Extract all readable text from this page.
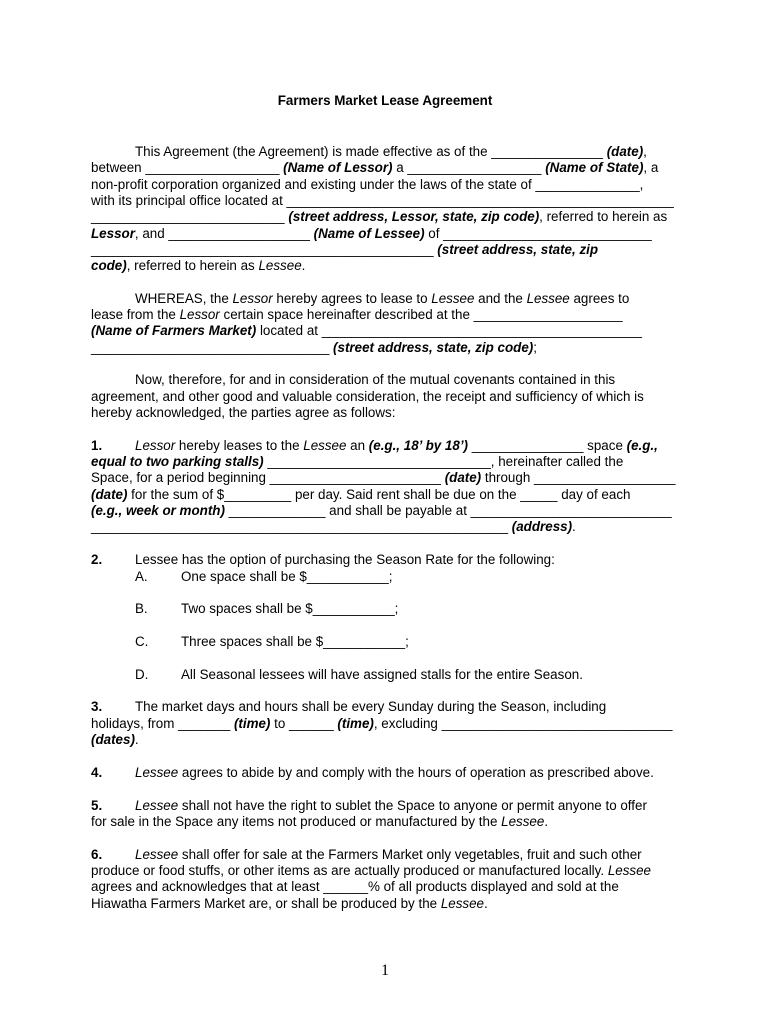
Farmers Market Lease Agreement
This Agreement (the Agreement) is made effective as of the _______________ (date),
between __________________ (Name of Lessor) a __________________ (Name of State), a
non-profit corporation organized and existing under the laws of the state of ______________,
with its principal office located at ____________________________________________________
__________________________ (street address, Lessor, state, zip code), referred to herein as
Lessor, and ___________________ (Name of Lessee) of ____________________________
______________________________________________ (street address, state, zip
code), referred to herein as Lessee.
WHEREAS, the Lessor hereby agrees to lease to Lessee and the Lessee agrees to
lease from the Lessor certain space hereinafter described at the ____________________
(Name of Farmers Market) located at ___________________________________________
________________________________ (street address, state, zip code);
Now, therefore, for and in consideration of the mutual covenants contained in this
agreement, and other good and valuable consideration, the receipt and sufficiency of which is
hereby acknowledged, the parties agree as follows:
1. Lessor hereby leases to the Lessee an (e.g., 18’ by 18’) _______________ space (e.g.,
equal to two parking stalls) ______________________________, hereinafter called the
Space, for a period beginning _______________________ (date) through ___________________
(date) for the sum of $_________ per day. Said rent shall be due on the _____ day of each
(e.g., week or month) _____________ and shall be payable at ___________________________
________________________________________________________ (address).
2. Lessee has the option of purchasing the Season Rate for the following:
A. One space shall be $___________;
B. Two spaces shall be $___________;
C. Three spaces shall be $___________;
D. All Seasonal lessees will have assigned stalls for the entire Season.
3. The market days and hours shall be every Sunday during the Season, including
holidays, from _______ (time) to ______ (time), excluding _______________________________
(dates).
4. Lessee agrees to abide by and comply with the hours of operation as prescribed above.
5. Lessee shall not have the right to sublet the Space to anyone or permit anyone to offer
for sale in the Space any items not produced or manufactured by the Lessee.
6. Lessee shall offer for sale at the Farmers Market only vegetables, fruit and such other
produce or food stuffs, or other items as are actually produced or manufactured locally. Lessee
agrees and acknowledges that at least ______% of all products displayed and sold at the
Hiawatha Farmers Market are, or shall be produced by the Lessee.
1
